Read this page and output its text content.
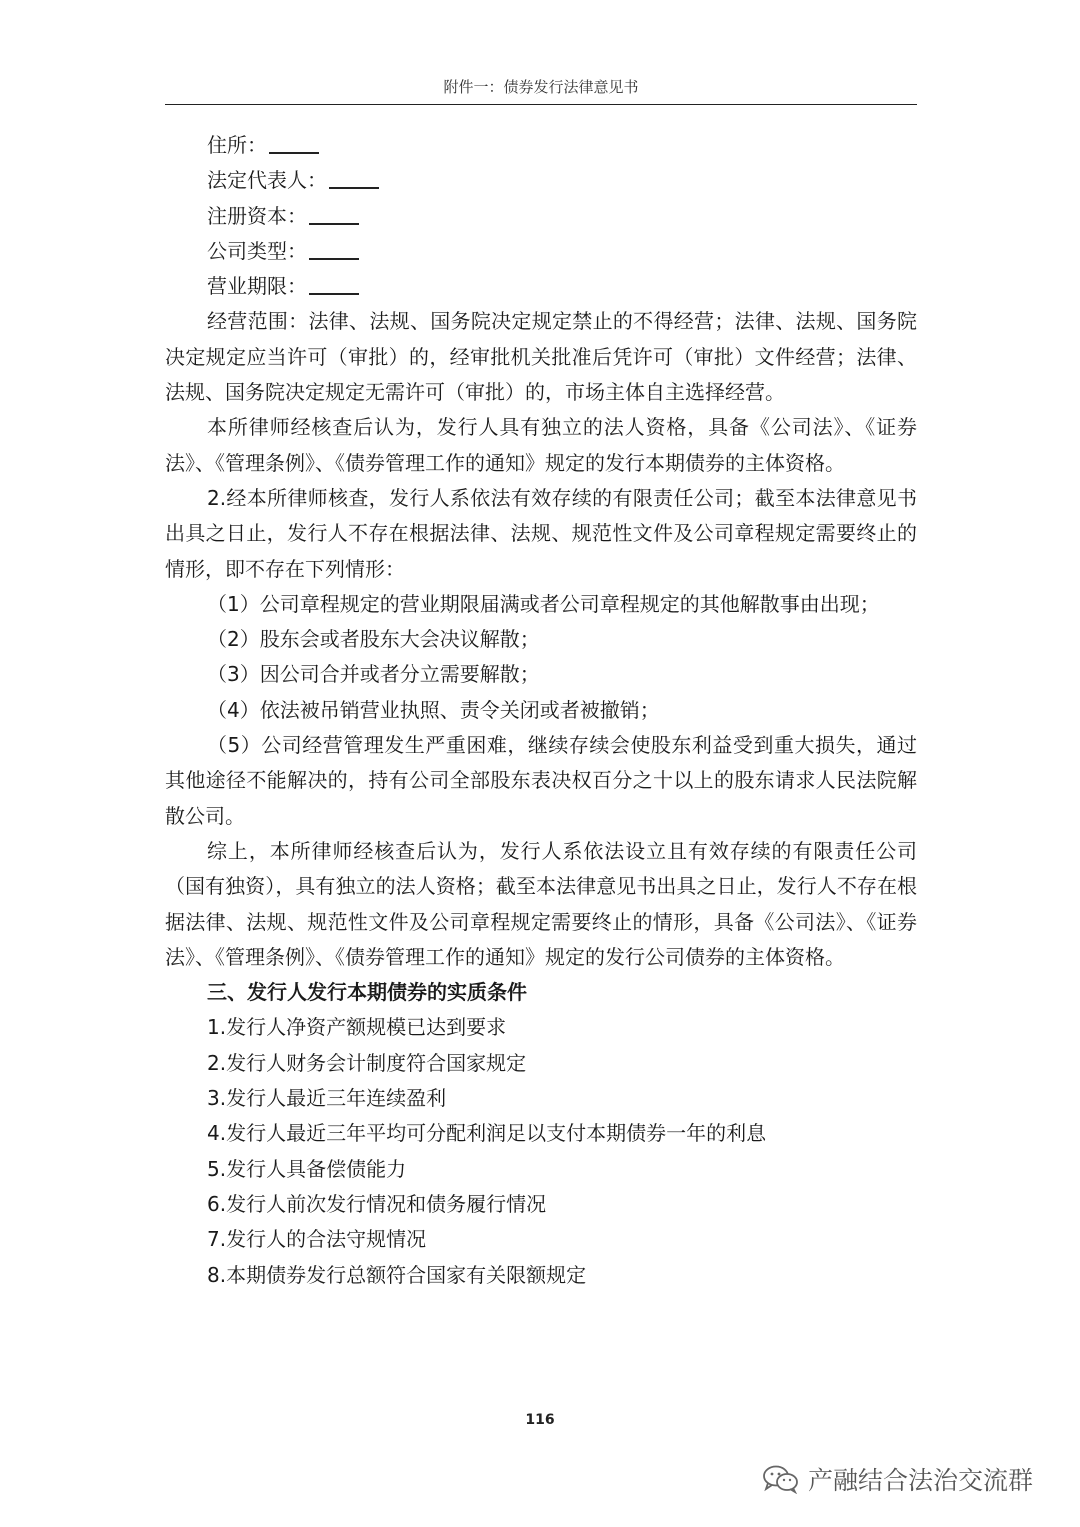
附件一：债券发行法律意见书

住所：

法定代表人：

注册资本：

公司类型：

营业期限：

经营范围：法律、法规、国务院决定规定禁止的不得经营；法律、法规、国务院决定规定应当许可（审批）的，经审批机关批准后凭许可（审批）文件经营；法律、法规、国务院决定规定无需许可（审批）的，市场主体自主选择经营。

本所律师经核查后认为，发行人具有独立的法人资格，具备《公司法》、《证券法》、《管理条例》、《债券管理工作的通知》规定的发行本期债券的主体资格。

2.经本所律师核查，发行人系依法有效存续的有限责任公司；截至本法律意见书出具之日止，发行人不存在根据法律、法规、规范性文件及公司章程规定需要终止的情形，即不存在下列情形：

（1）公司章程规定的营业期限届满或者公司章程规定的其他解散事由出现；

（2）股东会或者股东大会决议解散；

（3）因公司合并或者分立需要解散；

（4）依法被吊销营业执照、责令关闭或者被撤销；

（5）公司经营管理发生严重困难，继续存续会使股东利益受到重大损失，通过其他途径不能解决的，持有公司全部股东表决权百分之十以上的股东请求人民法院解散公司。

综上，本所律师经核查后认为，发行人系依法设立且有效存续的有限责任公司（国有独资），具有独立的法人资格；截至本法律意见书出具之日止，发行人不存在根据法律、法规、规范性文件及公司章程规定需要终止的情形，具备《公司法》、《证券法》、《管理条例》、《债券管理工作的通知》规定的发行公司债券的主体资格。

三、发行人发行本期债券的实质条件

1.发行人净资产额规模已达到要求

2.发行人财务会计制度符合国家规定

3.发行人最近三年连续盈利

4.发行人最近三年平均可分配利润足以支付本期债券一年的利息

5.发行人具备偿债能力

6.发行人前次发行情况和债务履行情况

7.发行人的合法守规情况

8.本期债券发行总额符合国家有关限额规定

116
产融结合法治交流群
